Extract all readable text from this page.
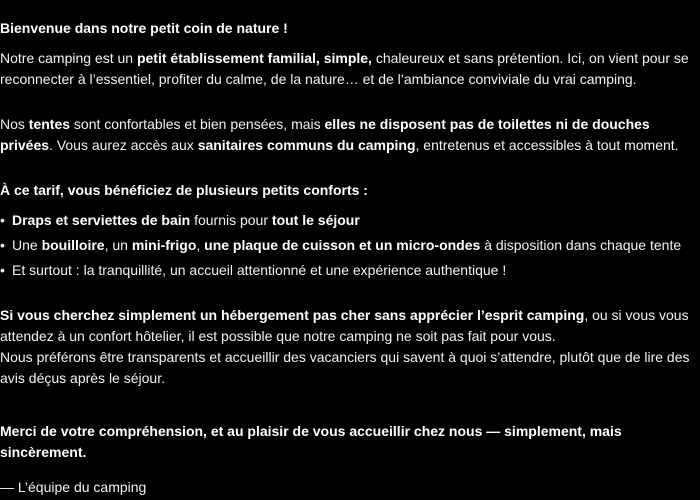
Bienvenue dans notre petit coin de nature !

Notre camping est un petit établissement familial, simple, chaleureux et sans prétention. Ici, on vient pour se reconnecter à l’essentiel, profiter du calme, de la nature… et de l’ambiance conviviale du vrai camping.

Nos tentes sont confortables et bien pensées, mais elles ne disposent pas de toilettes ni de douches privées. Vous aurez accès aux sanitaires communs du camping, entretenus et accessibles à tout moment.

À ce tarif, vous bénéficiez de plusieurs petits conforts :

• Draps et serviettes de bain fournis pour tout le séjour
• Une bouilloire, un mini-frigo, une plaque de cuisson et un micro-ondes à disposition dans chaque tente
• Et surtout : la tranquillité, un accueil attentionné et une expérience authentique !

Si vous cherchez simplement un hébergement pas cher sans apprécier l’esprit camping, ou si vous vous attendez à un confort hôtelier, il est possible que notre camping ne soit pas fait pour vous.
Nous préférons être transparents et accueillir des vacanciers qui savent à quoi s’attendre, plutôt que de lire des avis déçus après le séjour.

Merci de votre compréhension, et au plaisir de vous accueillir chez nous — simplement, mais sincèrement.

— L’équipe du camping
